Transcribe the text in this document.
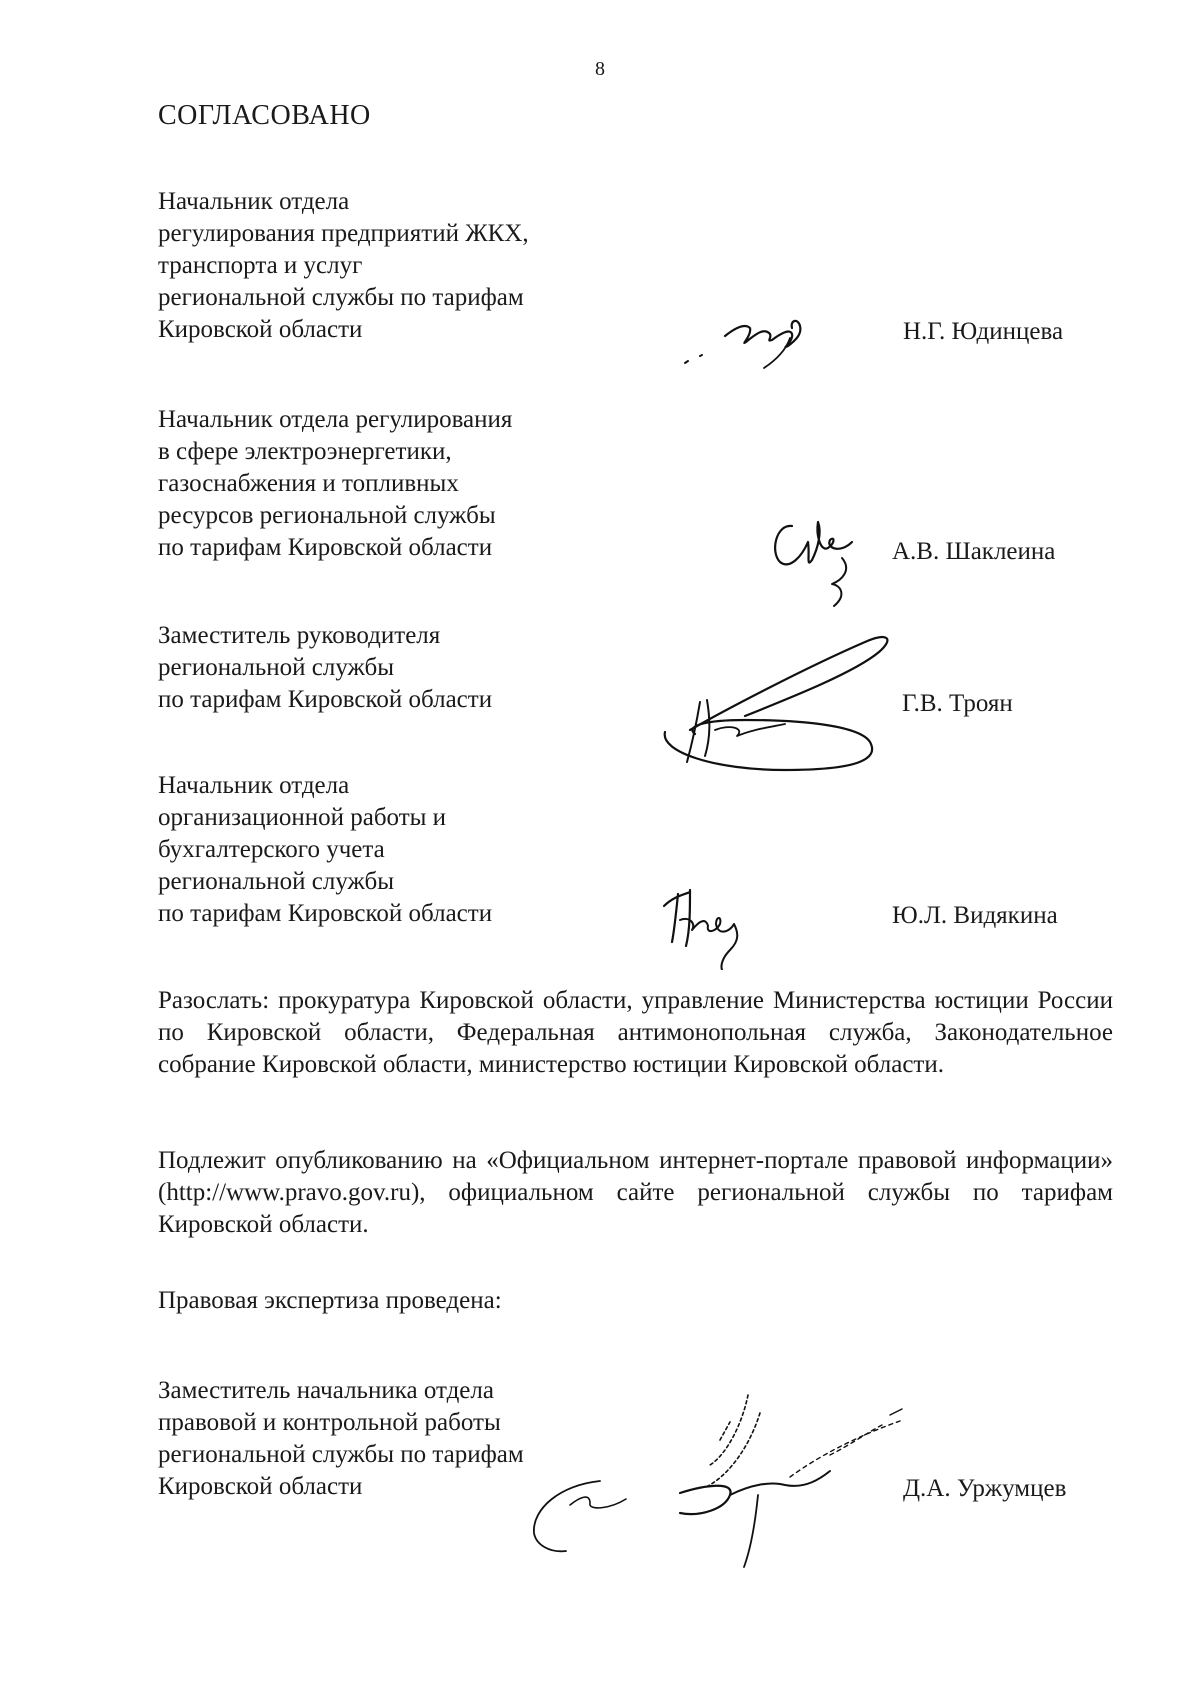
8
СОГЛАСОВАНО
Начальник отдела
регулирования предприятий ЖКХ,
транспорта и услуг
региональной службы по тарифам
Кировской области	Н.Г. Юдинцева
Начальник отдела регулирования
в сфере электроэнергетики,
газоснабжения и топливных
ресурсов региональной службы
по тарифам Кировской области	А.В. Шаклеина
Заместитель руководителя
региональной службы
по тарифам Кировской области	Г.В. Троян
Начальник отдела
организационной работы и
бухгалтерского учета
региональной службы
по тарифам Кировской области	Ю.Л. Видякина
Разослать: прокуратура Кировской области, управление Министерства юстиции России по Кировской области, Федеральная антимонопольная служба, Законодательное собрание Кировской области, министерство юстиции Кировской области.
Подлежит опубликованию на «Официальном интернет-портале правовой информации» (http://www.pravo.gov.ru), официальном сайте региональной службы по тарифам Кировской области.
Правовая экспертиза проведена:
Заместитель начальника отдела
правовой и контрольной работы
региональной службы по тарифам
Кировской области	Д.А. Уржумцев
